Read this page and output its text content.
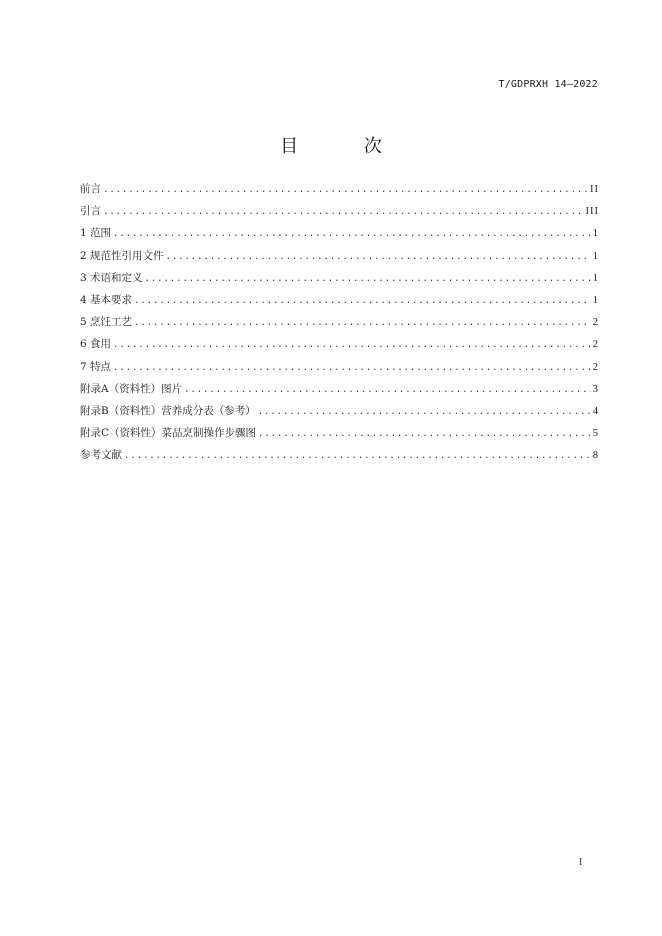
T/GDPRXH 14—2022
目 次
前言 .....	II
引言 .....	III
1 范围 .....	1
2 规范性引用文件 .....	1
3 术语和定义 .....	1
4 基本要求 .....	1
5 烹饪工艺 .....	2
6 食用 .....	2
7 特点 .....	2
附录A（资料性）图片 .....	3
附录B（资料性）营养成分表（参考） .....	4
附录C（资料性）菜品烹制操作步骤图 .....	5
参考文献 .....	8
I
